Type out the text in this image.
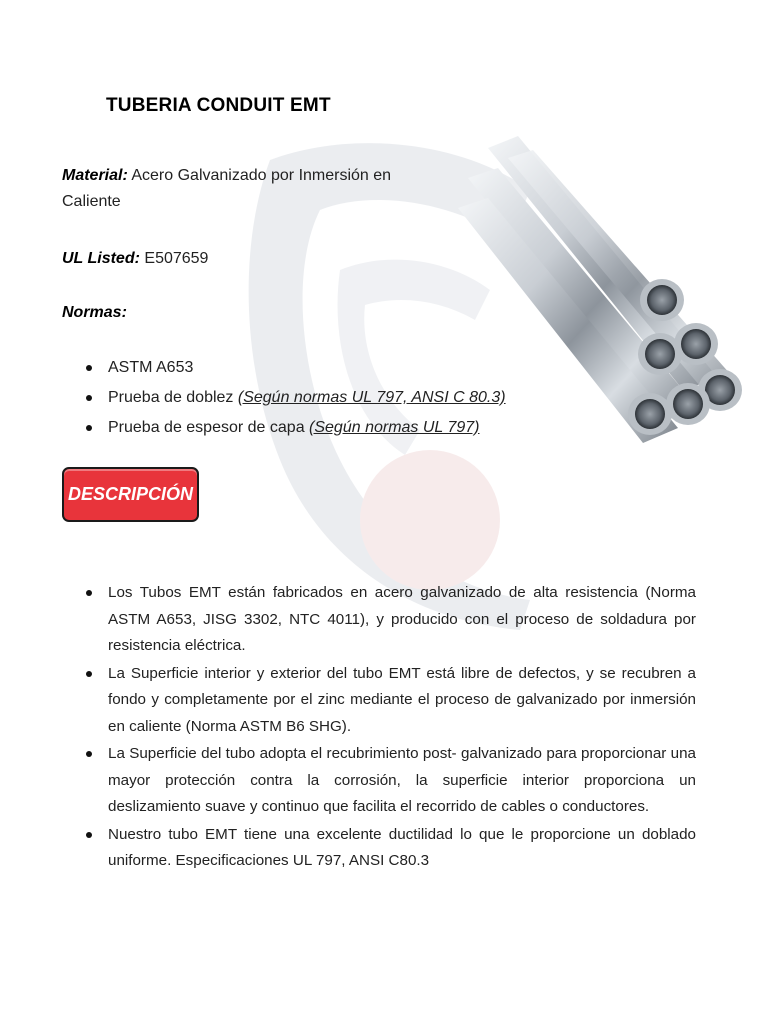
TUBERIA CONDUIT EMT
Material: Acero Galvanizado por Inmersión en Caliente
UL Listed: E507659
Normas:
ASTM A653
Prueba de doblez (Según normas UL 797, ANSI C 80.3)
Prueba de espesor de capa (Según normas UL 797)
DESCRIPCIÓN
Los Tubos EMT están fabricados en acero galvanizado de alta resistencia (Norma ASTM A653, JISG 3302, NTC 4011), y producido con el proceso de soldadura por resistencia eléctrica.
La Superficie interior y exterior del tubo EMT está libre de defectos, y se recubren a fondo y completamente por el zinc mediante el proceso de galvanizado por inmersión en caliente (Norma ASTM B6 SHG).
La Superficie del tubo adopta el recubrimiento post- galvanizado para proporcionar una mayor protección contra la corrosión, la superficie interior proporciona un deslizamiento suave y continuo que facilita el recorrido de cables o conductores.
Nuestro tubo EMT tiene una excelente ductilidad lo que le proporcione un doblado uniforme. Especificaciones UL 797, ANSI C80.3
